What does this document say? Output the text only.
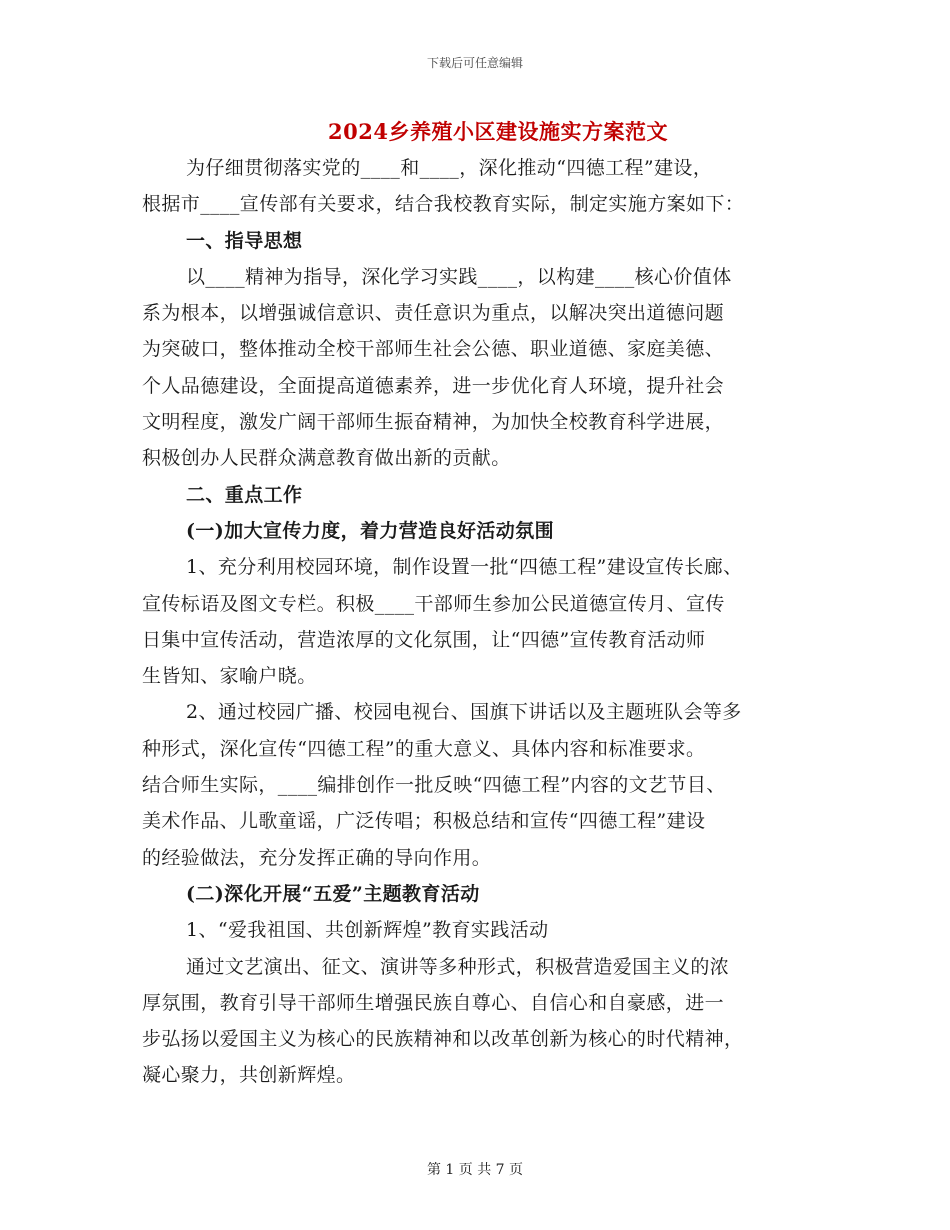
下载后可任意编辑
2024乡养殖小区建设施实方案范文
为仔细贯彻落实党的____和____，深化推动“四德工程”建设，
根据市____宣传部有关要求，结合我校教育实际，制定实施方案如下：
一、指导思想
以____精神为指导，深化学习实践____，以构建____核心价值体
系为根本，以增强诚信意识、责任意识为重点，以解决突出道德问题
为突破口，整体推动全校干部师生社会公德、职业道德、家庭美德、
个人品德建设，全面提高道德素养，进一步优化育人环境，提升社会
文明程度，激发广阔干部师生振奋精神，为加快全校教育科学进展，
积极创办人民群众满意教育做出新的贡献。
二、重点工作
(一)加大宣传力度，着力营造良好活动氛围
1、充分利用校园环境，制作设置一批“四德工程”建设宣传长廊、
宣传标语及图文专栏。积极____干部师生参加公民道德宣传月、宣传
日集中宣传活动，营造浓厚的文化氛围，让“四德”宣传教育活动师
生皆知、家喻户晓。
2、通过校园广播、校园电视台、国旗下讲话以及主题班队会等多
种形式，深化宣传“四德工程”的重大意义、具体内容和标准要求。
结合师生实际，____编排创作一批反映“四德工程”内容的文艺节目、
美术作品、儿歌童谣，广泛传唱；积极总结和宣传“四德工程”建设
的经验做法，充分发挥正确的导向作用。
(二)深化开展“五爱”主题教育活动
1、“爱我祖国、共创新辉煌”教育实践活动
通过文艺演出、征文、演讲等多种形式，积极营造爱国主义的浓
厚氛围，教育引导干部师生增强民族自尊心、自信心和自豪感，进一
步弘扬以爱国主义为核心的民族精神和以改革创新为核心的时代精神，
凝心聚力，共创新辉煌。
第 1 页 共 7 页
